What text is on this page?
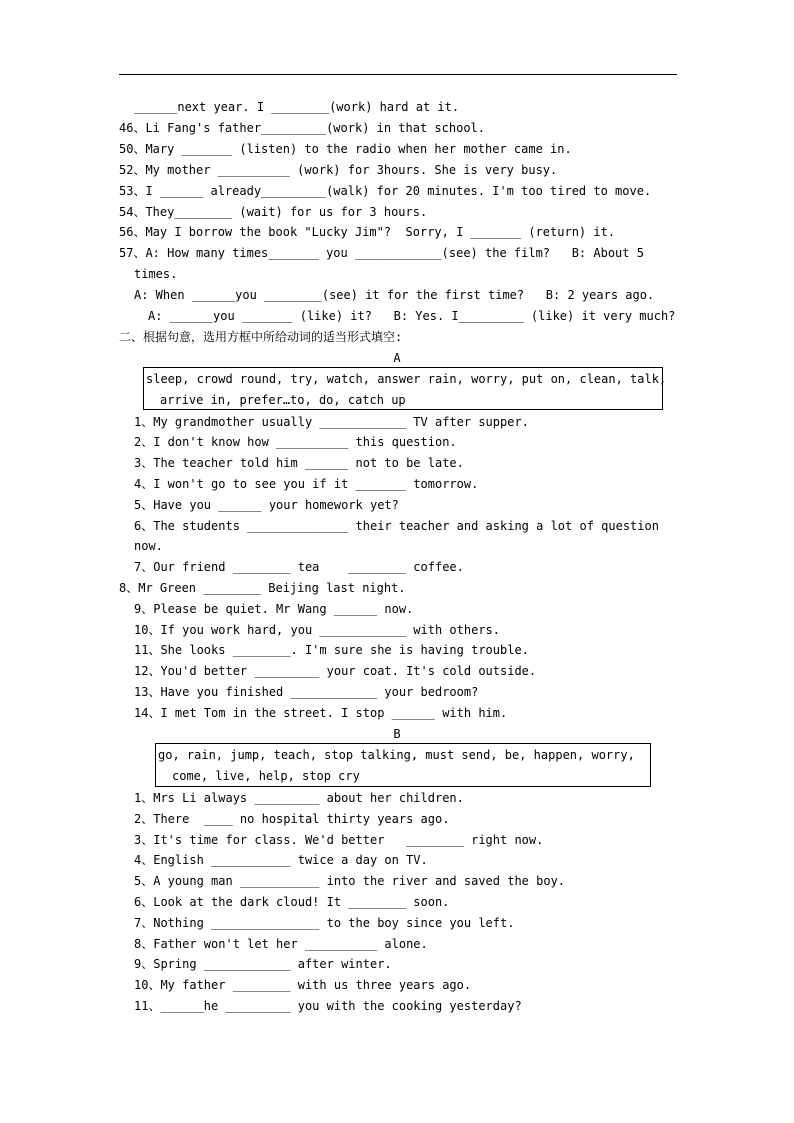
______next year. I ________(work) hard at it.
46、Li Fang's father_________(work) in that school.
50、Mary _______ (listen) to the radio when her mother came in.
52、My mother __________ (work) for 3hours. She is very busy.
53、I ______ already_________(walk) for 20 minutes. I'm too tired to move.
54、They________ (wait) for us for 3 hours.
56、May I borrow the book "Lucky Jim"?  Sorry, I _______ (return) it.
57、A: How many times_______ you ____________(see) the film?   B: About 5
times.
A: When ______you ________(see) it for the first time?   B: 2 years ago.
A: ______you _______ (like) it?   B: Yes. I_________ (like) it very much?
二、根据句意，选用方框中所给动词的适当形式填空:
A
sleep, crowd round, try, watch, answer rain, worry, put on, clean, talk,
arrive in, prefer…to, do, catch up
1、My grandmother usually ____________ TV after supper.
2、I don't know how __________ this question.
3、The teacher told him ______ not to be late.
4、I won't go to see you if it _______ tomorrow.
5、Have you ______ your homework yet?
6、The students ______________ their teacher and asking a lot of question
now.
7、Our friend ________ tea    ________ coffee.
8、Mr Green ________ Beijing last night.
9、Please be quiet. Mr Wang ______ now.
10、If you work hard, you ____________ with others.
11、She looks ________. I'm sure she is having trouble.
12、You'd better _________ your coat. It's cold outside.
13、Have you finished ____________ your bedroom?
14、I met Tom in the street. I stop ______ with him.
B
go, rain, jump, teach, stop talking, must send, be, happen, worry,
come, live, help, stop cry
1、Mrs Li always _________ about her children.
2、There  ____ no hospital thirty years ago.
3、It's time for class. We'd better   ________ right now.
4、English ___________ twice a day on TV.
5、A young man ___________ into the river and saved the boy.
6、Look at the dark cloud! It ________ soon.
7、Nothing _______________ to the boy since you left.
8、Father won't let her __________ alone.
9、Spring ____________ after winter.
10、My father ________ with us three years ago.
11、______he _________ you with the cooking yesterday?
